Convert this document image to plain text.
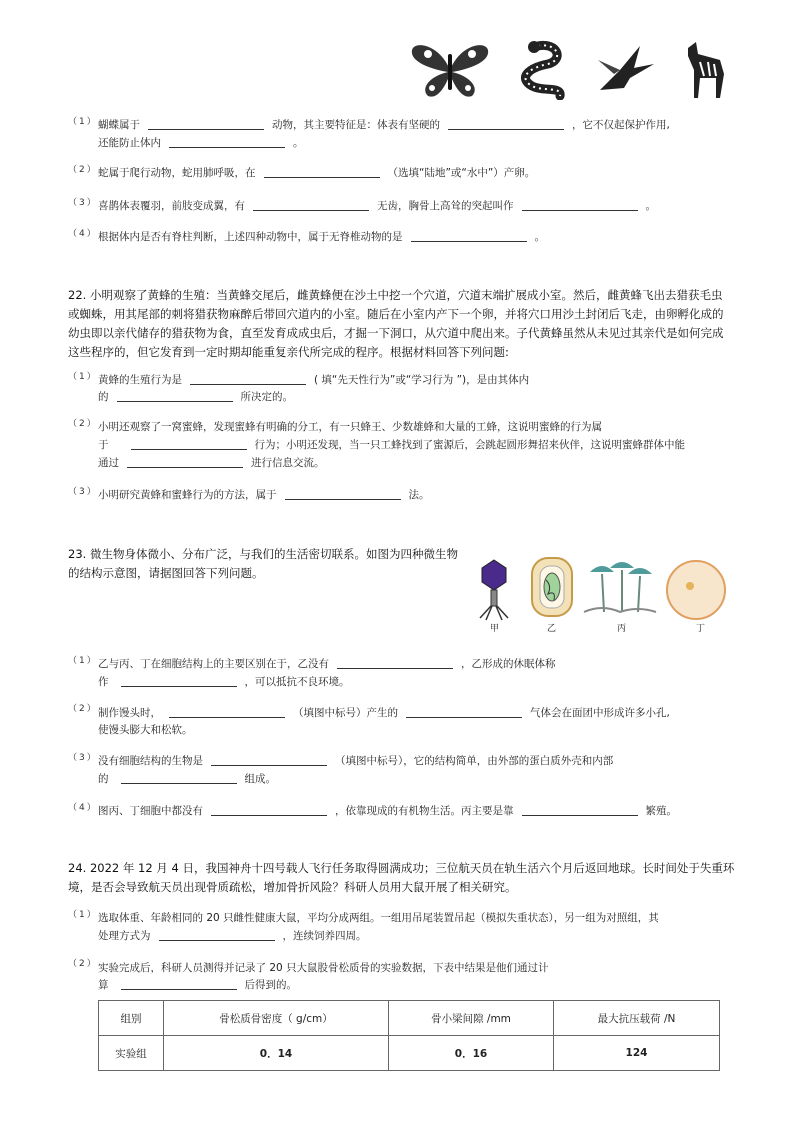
（1） 蝴蝶属于	动物，其主要特征是：体表有坚硬的	，它不仅起保护作用,
还能防止体内	。
（2） 蛇属于爬行动物，蛇用肺呼吸，在	（选填“陆地”或“水中”）产卵。
（3） 喜鹊体表覆羽，前肢变成翼，有	无齿，胸骨上高耸的突起叫作	。
（4） 根据体内是否有脊柱判断，上述四种动物中，属于无脊椎动物的是	。
22. 小明观察了黄蜂的生殖：当黄蜂交尾后，雌黄蜂便在沙土中挖一个穴道，穴道末端扩展成小室。然后，雌黄蜂飞出去猎获毛虫或蜘蛛，用其尾部的刺将猎获物麻醉后带回穴道内的小室。随后在小室内产下一个卵，并将穴口用沙土封闭后飞走，由卵孵化成的幼虫即以亲代储存的猎获物为食，直至发育成成虫后，才掘一下洞口，从穴道中爬出来。子代黄蜂虽然从未见过其亲代是如何完成这些程序的，但它发育到一定时期却能重复亲代所完成的程序。根据材料回答下列问题:
（1） 黄蜂的生殖行为是	( 填“先天性行为”或“学习行为 ”)，是由其体内
的	所决定的。
（2） 小明还观察了一窝蜜蜂，发现蜜蜂有明确的分工，有一只蜂王、少数雄蜂和大量的工蜂，这说明蜜蜂的行为属
于	行为；小明还发现，当一只工蜂找到了蜜源后，会跳起圆形舞招来伙伴，这说明蜜蜂群体中能
通过	进行信息交流。
（3） 小明研究黄蜂和蜜蜂行为的方法，属于	法。
23. 微生物身体微小、分布广泛，与我们的生活密切联系。如图为四种微生物
的结构示意图，请据图回答下列问题。
甲	乙	丙	丁
（1） 乙与丙、丁在细胞结构上的主要区别在于，乙没有	，乙形成的休眠体称
作	，可以抵抗不良环境。
（2） 制作馒头时，	（填图中标号）产生的	气体会在面团中形成许多小孔,
使馒头膨大和松软。
（3） 没有细胞结构的生物是	（填图中标号），它的结构简单，由外部的蛋白质外壳和内部
的	组成。
（4） 图丙、丁细胞中都没有	，依靠现成的有机物生活。丙主要是靠	繁殖。
24. 2022 年 12 月 4 日，我国神舟十四号载人飞行任务取得圆满成功；三位航天员在轨生活六个月后返回地球。长时间处于失重环
境，是否会导致航天员出现骨质疏松，增加骨折风险？科研人员用大鼠开展了相关研究。
（1） 选取体重、年龄相同的 20 只雌性健康大鼠，平均分成两组。一组用吊尾装置吊起（模拟失重状态），另一组为对照组，其
处理方式为	，连续饲养四周。
（2） 实验完成后，科研人员测得并记录了 20 只大鼠股骨松质骨的实验数据，下表中结果是他们通过计
算	后得到的。
组别	骨松质骨密度（ g/cm）	骨小梁间隙 /mm	最大抗压载荷 /N
实验组	0．14	0．16	124
